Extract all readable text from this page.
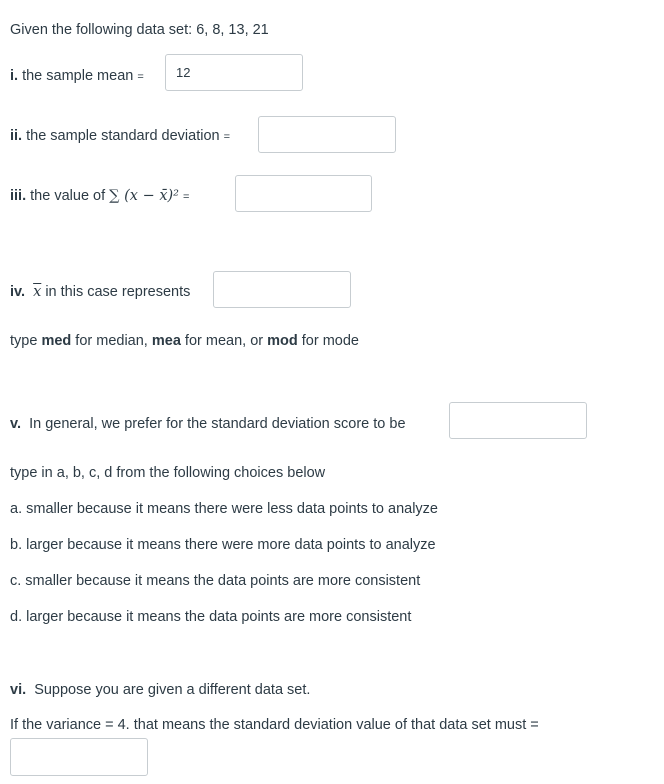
Given the following data set: 6, 8, 13, 21
i. the sample mean =
12
ii. the sample standard deviation =
iii. the value of ∑ (x − x̄)² =
iv. $\overline{x}$ in this case represents
type med for median, mea for mean, or mod for mode
v. In general, we prefer for the standard deviation score to be
type in a, b, c, d from the following choices below
a. smaller because it means there were less data points to analyze
b. larger because it means there were more data points to analyze
c. smaller because it means the data points are more consistent
d. larger because it means the data points are more consistent
vi. Suppose you are given a different data set.
If the variance = 4. that means the standard deviation value of that data set must =
